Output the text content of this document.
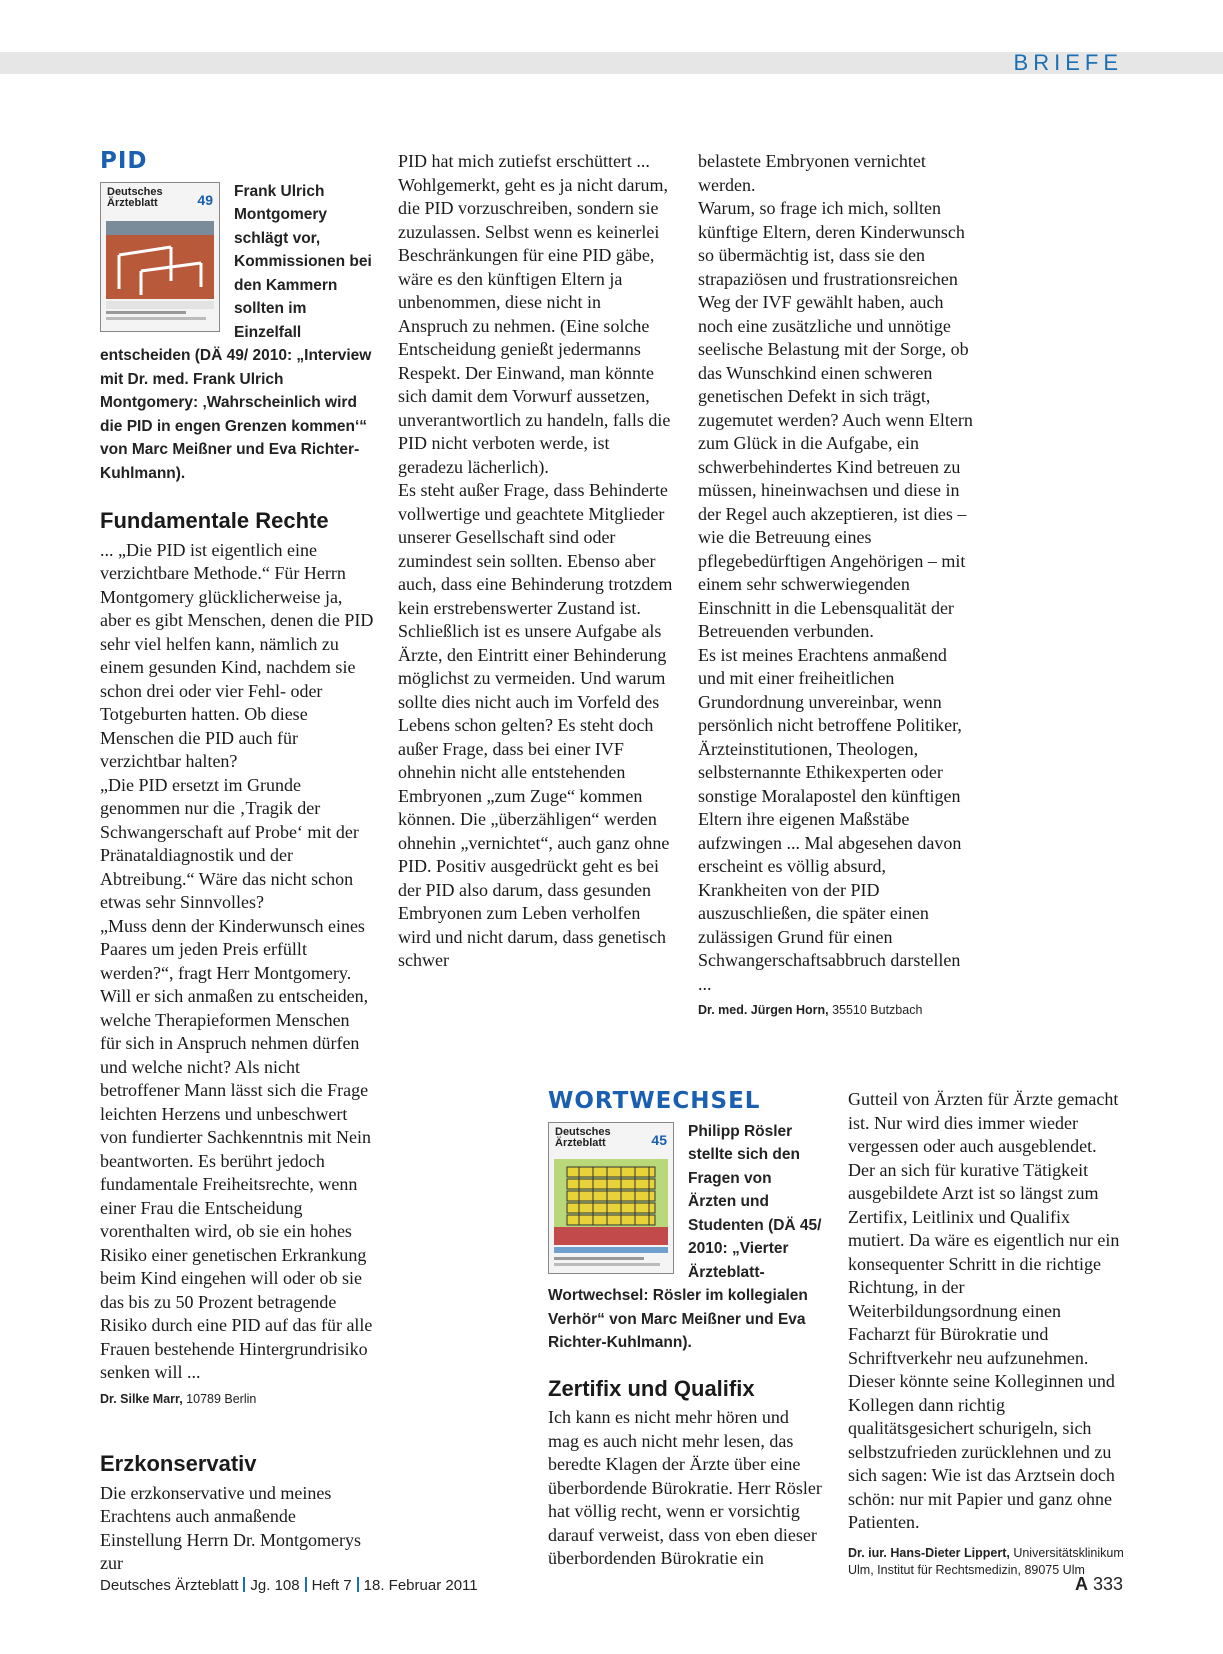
BRIEFE
PID
Deutsches Ärzteblatt	49	Frank Ulrich Montgomery schlägt vor, Kommissionen bei den Kammern sollten im Einzelfall entscheiden (DÄ 49/ 2010: „Interview mit Dr. med. Frank Ulrich Montgomery: ‚Wahrscheinlich wird die PID in engen Grenzen kommen‘“ von Marc Meißner und Eva Richter-Kuhlmann).

Fundamentale Rechte

... „Die PID ist eigentlich eine verzichtbare Methode.“ Für Herrn Montgomery glücklicherweise ja, aber es gibt Menschen, denen die PID sehr viel helfen kann, nämlich zu einem gesunden Kind, nachdem sie schon drei oder vier Fehl- oder Totgeburten hatten. Ob diese Menschen die PID auch für verzichtbar halten?

„Die PID ersetzt im Grunde genommen nur die ‚Tragik der Schwangerschaft auf Probe‘ mit der Pränataldiagnostik und der Abtreibung.“ Wäre das nicht schon etwas sehr Sinnvolles?

„Muss denn der Kinderwunsch eines Paares um jeden Preis erfüllt werden?“, fragt Herr Montgomery. Will er sich anmaßen zu entscheiden, welche Therapieformen Menschen für sich in Anspruch nehmen dürfen und welche nicht? Als nicht betroffener Mann lässt sich die Frage leichten Herzens und unbeschwert von fundierter Sachkenntnis mit Nein beantworten. Es berührt jedoch fundamentale Freiheitsrechte, wenn einer Frau die Entscheidung vorenthalten wird, ob sie ein hohes Risiko einer genetischen Erkrankung beim Kind eingehen will oder ob sie das bis zu 50 Prozent betragende Risiko durch eine PID auf das für alle Frauen bestehende Hintergrundrisiko senken will ...

Dr. Silke Marr, 10789 Berlin
Erzkonservativ

Die erzkonservative und meines Erachtens auch anmaßende Einstellung Herrn Dr. Montgomerys zur

PID hat mich zutiefst erschüttert ... Wohlgemerkt, geht es ja nicht darum, die PID vorzuschreiben, sondern sie zuzulassen. Selbst wenn es keinerlei Beschränkungen für eine PID gäbe, wäre es den künftigen Eltern ja unbenommen, diese nicht in Anspruch zu nehmen. (Eine solche Entscheidung genießt jedermanns Respekt. Der Einwand, man könnte sich damit dem Vorwurf aussetzen, unverantwortlich zu handeln, falls die PID nicht verboten werde, ist geradezu lächerlich).

Es steht außer Frage, dass Behinderte vollwertige und geachtete Mitglieder unserer Gesellschaft sind oder zumindest sein sollten. Ebenso aber auch, dass eine Behinderung trotzdem kein erstrebenswerter Zustand ist. Schließlich ist es unsere Aufgabe als Ärzte, den Eintritt einer Behinderung möglichst zu vermeiden. Und warum sollte dies nicht auch im Vorfeld des Lebens schon gelten? Es steht doch außer Frage, dass bei einer IVF ohnehin nicht alle entstehenden Embryonen „zum Zuge“ kommen können. Die „überzähligen“ werden ohnehin „vernichtet“, auch ganz ohne PID. Positiv ausgedrückt geht es bei der PID also darum, dass gesunden Embryonen zum Leben verholfen wird und nicht darum, dass genetisch schwer

belastete Embryonen vernichtet werden.

Warum, so frage ich mich, sollten künftige Eltern, deren Kinderwunsch so übermächtig ist, dass sie den strapaziösen und frustrationsreichen Weg der IVF gewählt haben, auch noch eine zusätzliche und unnötige seelische Belastung mit der Sorge, ob das Wunschkind einen schweren genetischen Defekt in sich trägt, zugemutet werden? Auch wenn Eltern zum Glück in die Aufgabe, ein schwerbehindertes Kind betreuen zu müssen, hineinwachsen und diese in der Regel auch akzeptieren, ist dies – wie die Betreuung eines pflegebedürftigen Angehörigen – mit einem sehr schwerwiegenden Einschnitt in die Lebensqualität der Betreuenden verbunden.

Es ist meines Erachtens anmaßend und mit einer freiheitlichen Grundordnung unvereinbar, wenn persönlich nicht betroffene Politiker, Ärzteinstitutionen, Theologen, selbsternannte Ethikexperten oder sonstige Moralapostel den künftigen Eltern ihre eigenen Maßstäbe aufzwingen ... Mal abgesehen davon erscheint es völlig absurd, Krankheiten von der PID auszuschließen, die später einen zulässigen Grund für einen Schwangerschaftsabbruch darstellen ...

Dr. med. Jürgen Horn, 35510 Butzbach
WORTWECHSEL
Deutsches Ärzteblatt	45	Philipp Rösler stellte sich den Fragen von Ärzten und Studenten (DÄ 45/ 2010: „Vierter Ärzteblatt-Wortwechsel: Rösler im kollegialen Verhör“ von Marc Meißner und Eva Richter-Kuhlmann).

Zertifix und Qualifix

Ich kann es nicht mehr hören und mag es auch nicht mehr lesen, das beredte Klagen der Ärzte über eine überbordende Bürokratie. Herr Rösler hat völlig recht, wenn er vorsichtig darauf verweist, dass von eben dieser überbordenden Bürokratie ein

Gutteil von Ärzten für Ärzte gemacht ist. Nur wird dies immer wieder vergessen oder auch ausgeblendet. Der an sich für kurative Tätigkeit ausgebildete Arzt ist so längst zum Zertifix, Leitlinix und Qualifix mutiert. Da wäre es eigentlich nur ein konsequenter Schritt in die richtige Richtung, in der Weiterbildungsordnung einen Facharzt für Bürokratie und Schriftverkehr neu aufzunehmen. Dieser könnte seine Kolleginnen und Kollegen dann richtig qualitätsgesichert schurigeln, sich selbstzufrieden zurücklehnen und zu sich sagen: Wie ist das Arztsein doch schön: nur mit Papier und ganz ohne Patienten.

Dr. iur. Hans-Dieter Lippert, Universitätsklinikum Ulm, Institut für Rechtsmedizin, 89075 Ulm
Deutsches Ärzteblatt Jg. 108 Heft 7 18. Februar 2011	A 333
